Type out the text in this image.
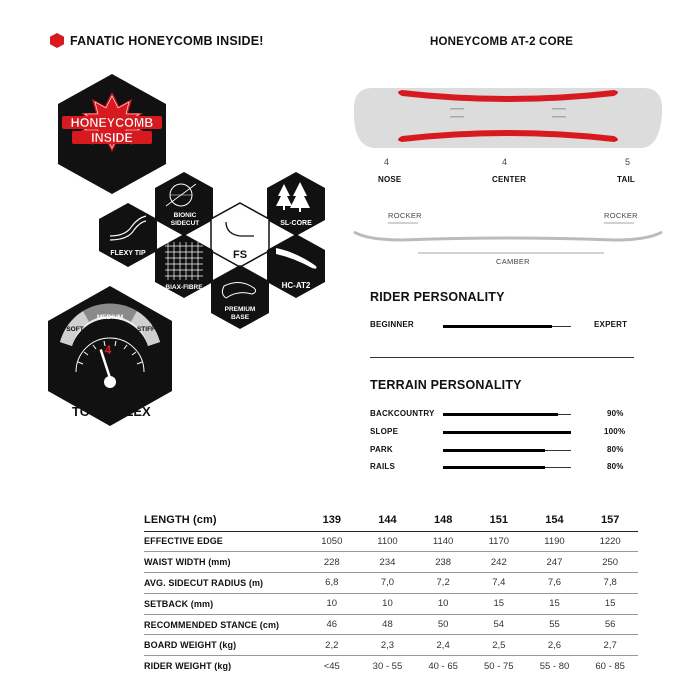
FANATIC HONEYCOMB INSIDE!
HONEYCOMB
INSIDE
BIONIC
SIDECUT	SL-CORE
FLEXY TIP	FS
BIAX-FIBRE	HC-AT2
PREMIUM
BASE
SOFT
MEDIUM
STIFF
4
TOTAL FLEX
HONEYCOMB AT-2 CORE
4	4	5
NOSE	CENTER	TAIL
ROCKER	ROCKER
CAMBER
RIDER PERSONALITY
BEGINNER	EXPERT
TERRAIN PERSONALITY
BACKCOUNTRY	90%
SLOPE	100%
PARK	80%
RAILS	80%
LENGTH (cm)	139	144	148	151	154	157
EFFECTIVE EDGE	1050	1100	1140	1170	1190	1220
WAIST WIDTH (mm)	228	234	238	242	247	250
AVG. SIDECUT RADIUS (m)	6,8	7,0	7,2	7,4	7,6	7,8
SETBACK (mm)	10	10	10	15	15	15
RECOMMENDED STANCE (cm)	46	48	50	54	55	56
BOARD WEIGHT (kg)	2,2	2,3	2,4	2,5	2,6	2,7
RIDER WEIGHT (kg)	<45	30 - 55	40 - 65	50 - 75	55 - 80	60 - 85
